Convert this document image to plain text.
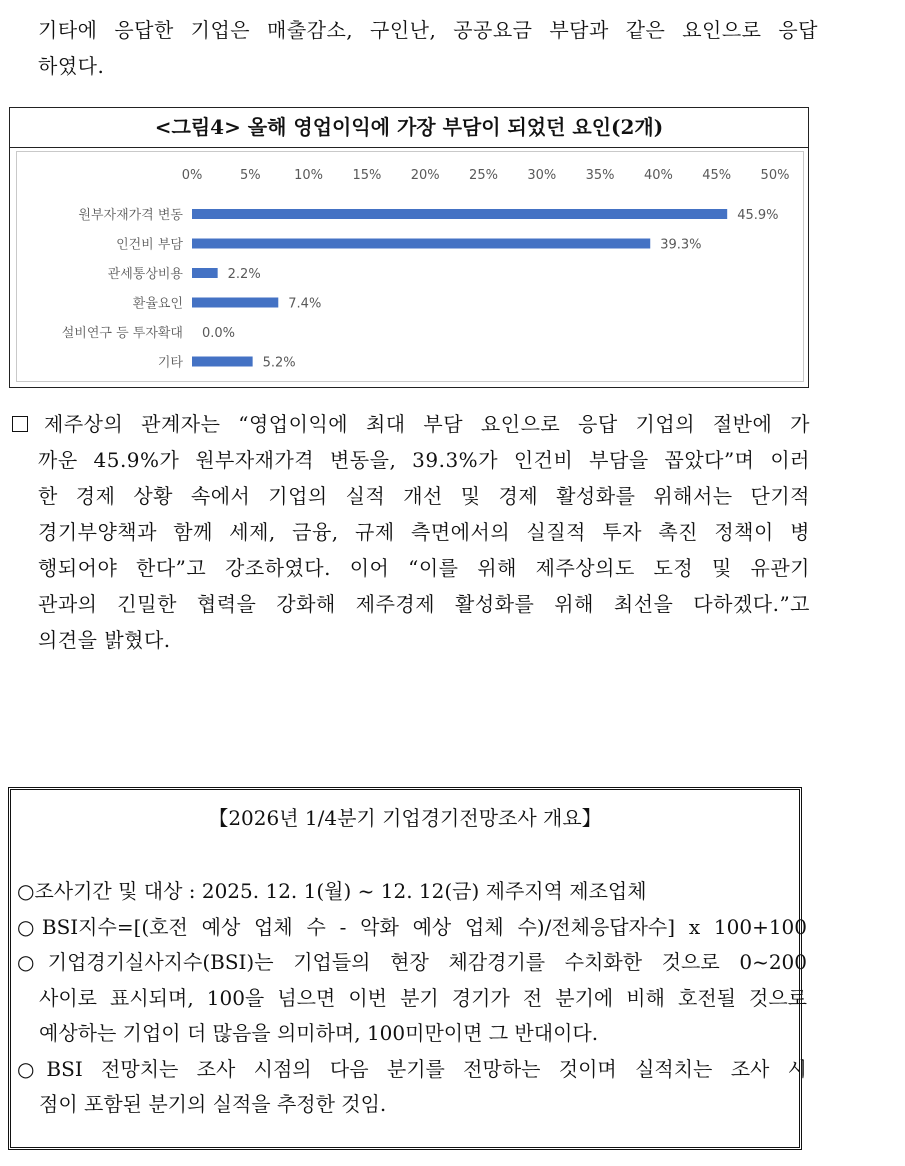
기타에 응답한 기업은 매출감소, 구인난, 공공요금 부담과 같은 요인으로 응답
하였다.
<그림4> 올해 영업이익에 가장 부담이 되었던 요인(2개)
0%	5%	10% 15% 20% 25% 30% 35% 40% 45% 50%
원부자재가격 변동	45.9%
인건비 부담	39.3%
관세통상비용	2.2%
환율요인	7.4%
설비연구 등 투자확대 0.0%
기타	5.2%
제주상의 관계자는 “영업이익에 최대 부담 요인으로 응답 기업의 절반에 가
까운 45.9%가 원부자재가격 변동을, 39.3%가 인건비 부담을 꼽았다”며 이러
한 경제 상황 속에서 기업의 실적 개선 및 경제 활성화를 위해서는 단기적
경기부양책과 함께 세제, 금융, 규제 측면에서의 실질적 투자 촉진 정책이 병
행되어야 한다”고 강조하였다. 이어 “이를 위해 제주상의도 도정 및 유관기
관과의 긴밀한 협력을 강화해 제주경제 활성화를 위해 최선을 다하겠다.”고
의견을 밝혔다.
【2026년 1/4분기 기업경기전망조사 개요】
○조사기간 및 대상 : 2025. 12. 1(월) ~ 12. 12(금) 제주지역 제조업체
○BSI지수=[(호전 예상 업체 수 - 악화 예상 업체 수)/전체응답자수] x 100+100
○기업경기실사지수(BSI)는 기업들의 현장 체감경기를 수치화한 것으로 0~200
사이로 표시되며, 100을 넘으면 이번 분기 경기가 전 분기에 비해 호전될 것으로
예상하는 기업이 더 많음을 의미하며, 100미만이면 그 반대이다.
○BSI 전망치는 조사 시점의 다음 분기를 전망하는 것이며 실적치는 조사 시
점이 포함된 분기의 실적을 추정한 것임.
